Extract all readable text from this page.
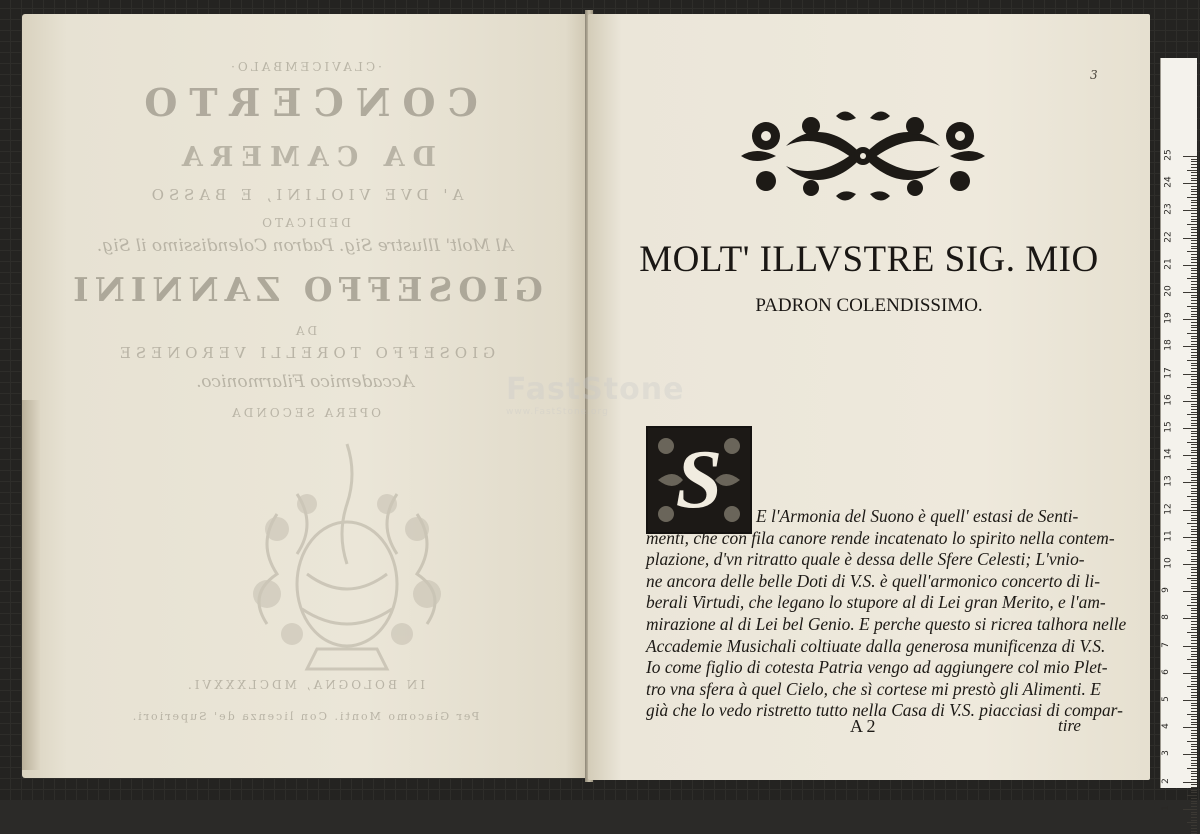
·CLAVICEMBALO·
CONCERTO
DA CAMERA
A' DVE VIOLINI, E BASSO
DEDICATO
Al Molt' Illustre Sig. Padron Colendissimo il Sig.
GIOSEFFO ZANNINI
DA
GIOSEFFO TORELLI VERONESE
Accademico Filarmonico.
OPERA SECONDA
IN BOLOGNA, MDCLXXXVI.
Per Giacomo Monti. Con licenza de' Superiori.
3
MOLT' ILLVSTRE SIG. MIO
PADRON COLENDISSIMO.
S	E l'Armonia del Suono è quell' estasi de Senti-
menti, che con fila canore rende incatenato lo spirito nella contem-
plazione, d'vn ritratto quale è dessa delle Sfere Celesti; L'vnio-
ne ancora delle belle Doti di V.S. è quell'armonico concerto di li-
berali Virtudi, che legano lo stupore al di Lei gran Merito, e l'am-
mirazione al di Lei bel Genio. E perche questo si ricrea talhora nelle
Accademie Musichali coltiuate dalla generosa munificenza di V.S.
Io come figlio di cotesta Patria vengo ad aggiungere col mio Plet-
tro vna sfera à quel Cielo, che sì cortese mi prestò gli Alimenti. E
già che lo vedo ristretto tutto nella Casa di V.S. piacciasi di compar-
A 2	tire
FastStone
www.FastStone.org
25
24
23
22
21
20
19
18
17
16
15
14
13
12
11
10
9
8
7
6
5
4
3
2
1
